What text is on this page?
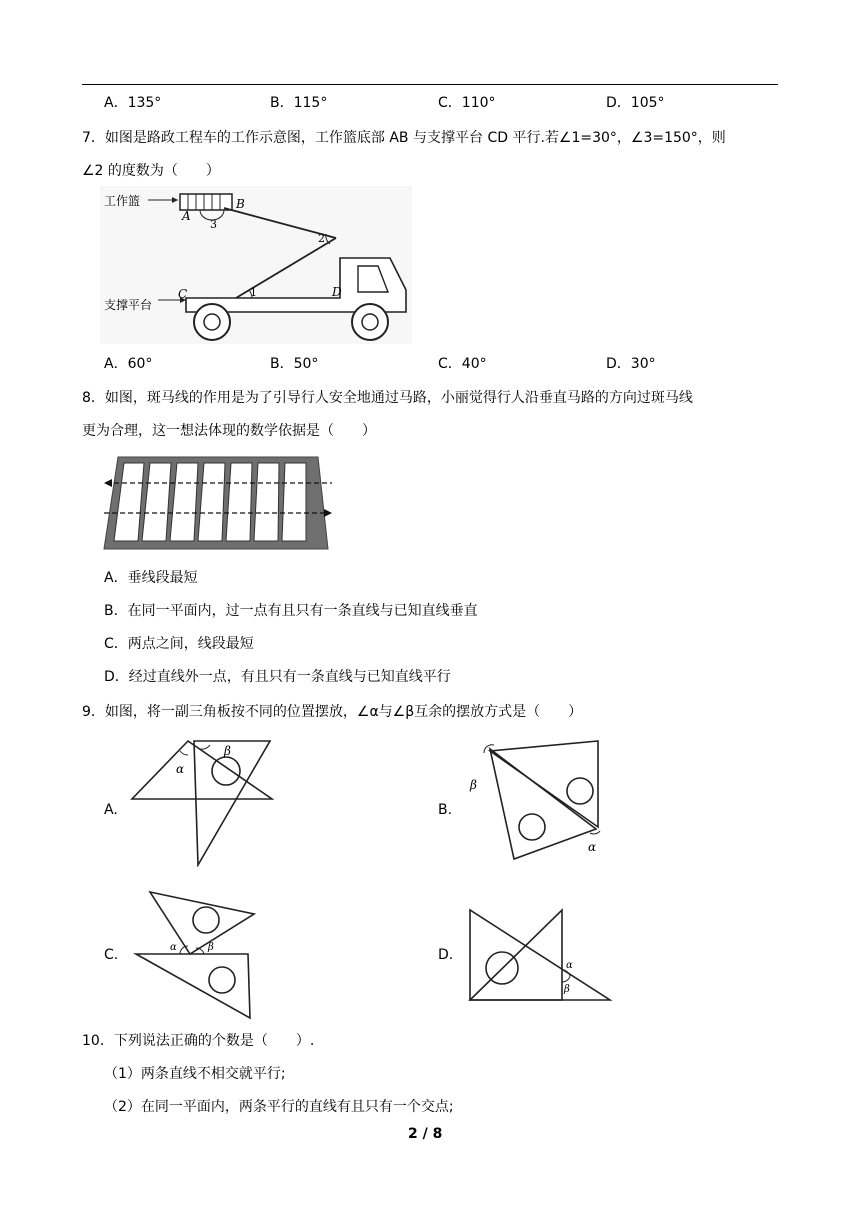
A．135°	B．115°	C．110°	D．105°
7．如图是路政工程车的工作示意图，工作篮底部 AB 与支撑平台 CD 平行.若∠1=30°，∠3=150°，则
∠2 的度数为（　　）
工作篮
支撑平台
A
B
3
2
1
C	D
A．60°	B．50°	C．40°	D．30°
8．如图，斑马线的作用是为了引导行人安全地通过马路，小丽觉得行人沿垂直马路的方向过斑马线
更为合理，这一想法体现的数学依据是（　　）
A．垂线段最短
B．在同一平面内，过一点有且只有一条直线与已知直线垂直
C．两点之间，线段最短
D．经过直线外一点，有且只有一条直线与已知直线平行
9．如图，将一副三角板按不同的位置摆放，∠α与∠β互余的摆放方式是（　　）
A.
α
β
B.
β
α
C.	α	β	D.
α
β
10．下列说法正确的个数是（　　）.
（1）两条直线不相交就平行;
（2）在同一平面内，两条平行的直线有且只有一个交点;
2 / 8
